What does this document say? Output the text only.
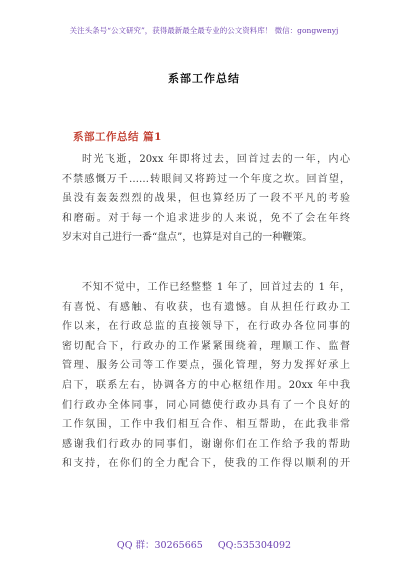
关注头条号“公文研究”，获得最新最全最专业的公文资料库！ 微信：gongwenyj
系部工作总结
系部工作总结 篇1
时光飞逝，20xx 年即将过去，回首过去的一年，内心
不禁感慨万千……转眼间又将跨过一个年度之坎。回首望，
虽没有轰轰烈烈的战果，但也算经历了一段不平凡的考验
和磨砺。对于每一个追求进步的人来说，免不了会在年终
岁末对自己进行一番“盘点”，也算是对自己的一种鞭策。
不知不觉中，工作已经整整 1 年了，回首过去的 1 年，
有喜悦、有感触、有收获，也有遗憾。自从担任行政办工
作以来，在行政总监的直接领导下，在行政办各位同事的
密切配合下，行政办的工作紧紧围绕着，理顺工作、监督
管理、服务公司等工作要点，强化管理，努力发挥好承上
启下，联系左右，协调各方的中心枢纽作用。20xx 年中我
们行政办全体同事，同心同德使行政办具有了一个良好的
工作氛围，工作中我们相互合作、相互帮助，在此我非常
感谢我们行政办的同事们，谢谢你们在工作给予我的帮助
和支持，在你们的全力配合下，使我的工作得以顺利的开
QQ 群：30265665 QQ:535304092
